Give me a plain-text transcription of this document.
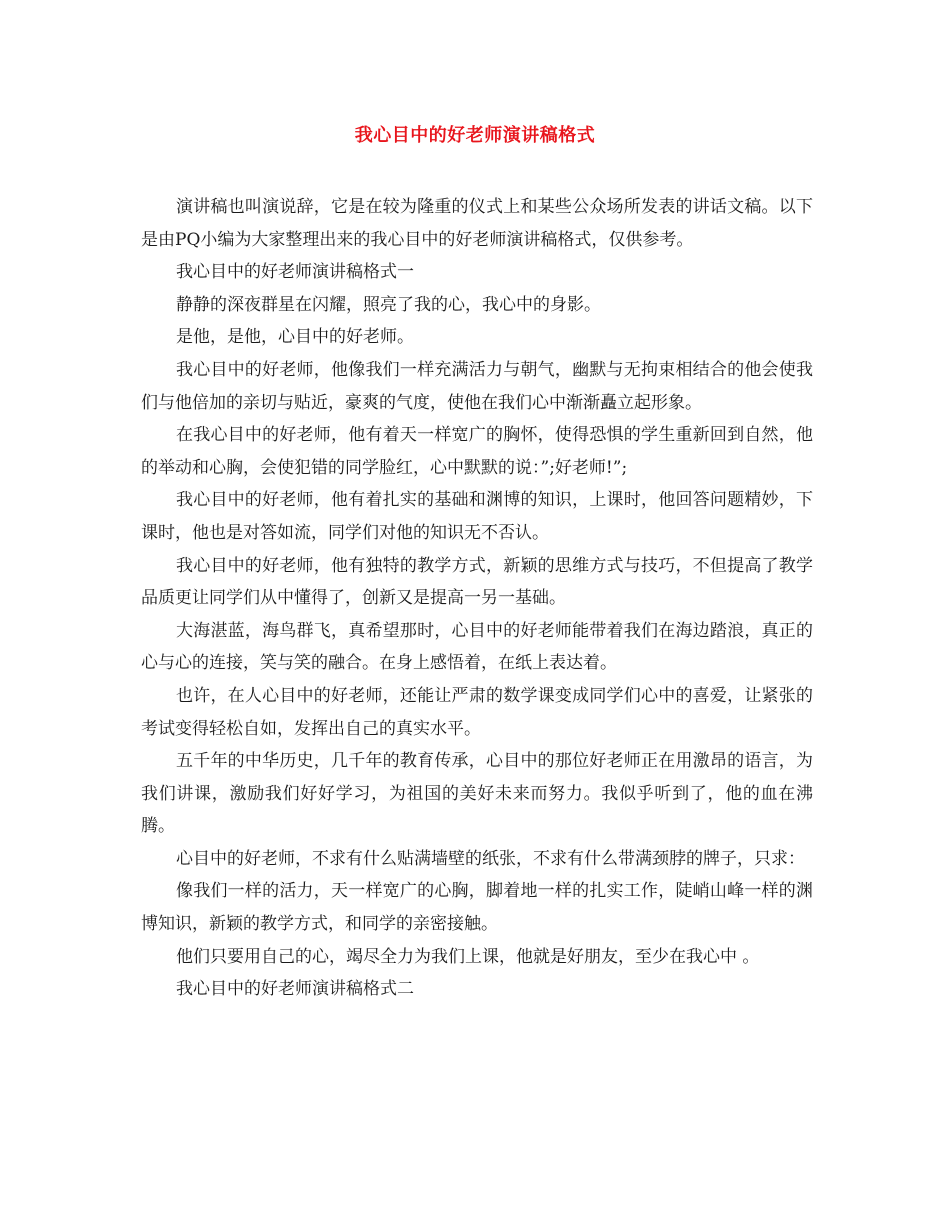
我心目中的好老师演讲稿格式

演讲稿也叫演说辞，它是在较为隆重的仪式上和某些公众场所发表的讲话文稿。以下是由PQ小编为大家整理出来的我心目中的好老师演讲稿格式，仅供参考。

我心目中的好老师演讲稿格式一

静静的深夜群星在闪耀，照亮了我的心，我心中的身影。

是他，是他，心目中的好老师。

我心目中的好老师，他像我们一样充满活力与朝气，幽默与无拘束相结合的他会使我们与他倍加的亲切与贴近，豪爽的气度，使他在我们心中渐渐矗立起形象。

在我心目中的好老师，他有着天一样宽广的胸怀，使得恐惧的学生重新回到自然，他的举动和心胸，会使犯错的同学脸红，心中默默的说：”;好老师!”;

我心目中的好老师，他有着扎实的基础和渊博的知识，上课时，他回答问题精妙，下课时，他也是对答如流，同学们对他的知识无不否认。

我心目中的好老师，他有独特的教学方式，新颖的思维方式与技巧，不但提高了教学品质更让同学们从中懂得了，创新又是提高一另一基础。

大海湛蓝，海鸟群飞，真希望那时，心目中的好老师能带着我们在海边踏浪，真正的心与心的连接，笑与笑的融合。在身上感悟着，在纸上表达着。

也许，在人心目中的好老师，还能让严肃的数学课变成同学们心中的喜爱，让紧张的考试变得轻松自如，发挥出自己的真实水平。

五千年的中华历史，几千年的教育传承，心目中的那位好老师正在用激昂的语言，为我们讲课，激励我们好好学习，为祖国的美好未来而努力。我似乎听到了，他的血在沸腾。

心目中的好老师，不求有什么贴满墙壁的纸张，不求有什么带满颈脖的牌子，只求：

像我们一样的活力，天一样宽广的心胸，脚着地一样的扎实工作，陡峭山峰一样的渊博知识，新颖的教学方式，和同学的亲密接触。

他们只要用自己的心，竭尽全力为我们上课，他就是好朋友，至少在我心中 。

我心目中的好老师演讲稿格式二
